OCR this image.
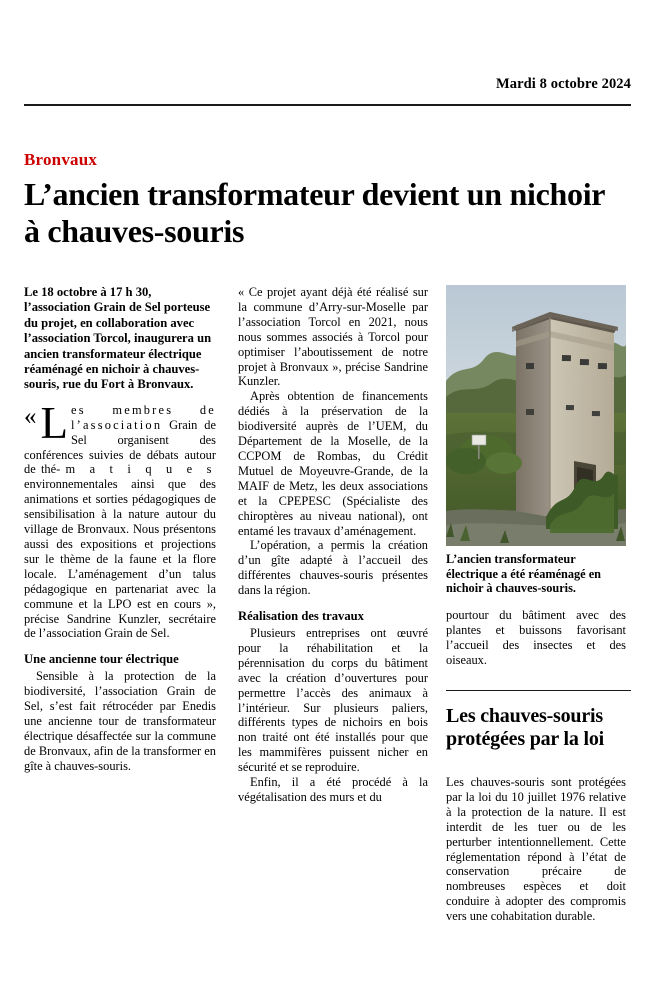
Mardi 8 octobre 2024
Bronvaux
L’ancien transformateur devient un nichoir à chauves-souris
Le 18 octobre à 17 h 30, l’association Grain de Sel porteuse du projet, en collaboration avec l’association Torcol, inaugurera un ancien transformateur électrique réaménagé en nichoir à chauves-souris, rue du Fort à Bronvaux.
« L es membres de l’association Grain de Sel organisent des conférences suivies de débats autour de thé- m a t i q u e s environnementales ainsi que des animations et sorties pédagogiques de sensibilisation à la nature autour du village de Bronvaux. Nous présentons aussi des expositions et projections sur le thème de la faune et la flore locale. L’aménagement d’un talus pédagogique en partenariat avec la commune et la LPO est en cours », précise Sandrine Kunzler, secrétaire de l’association Grain de Sel.
Une ancienne tour électrique

Sensible à la protection de la biodiversité, l’association Grain de Sel, s’est fait rétrocéder par Enedis une ancienne tour de transformateur électrique désaffectée sur la commune de Bronvaux, afin de la transformer en gîte à chauves-souris.

« Ce projet ayant déjà été réalisé sur la commune d’Arry-sur-Moselle par l’association Torcol en 2021, nous nous sommes associés à Torcol pour optimiser l’aboutissement de notre projet à Bronvaux », précise Sandrine Kunzler.

Après obtention de financements dédiés à la préservation de la biodiversité auprès de l’UEM, du Département de la Moselle, de la CCPOM de Rombas, du Crédit Mutuel de Moyeuvre-Grande, de la MAIF de Metz, les deux associations et la CPEPESC (Spécialiste des chiroptères au niveau national), ont entamé les travaux d’aménagement.

L’opération, a permis la création d’un gîte adapté à l’accueil des différentes chauves-souris présentes dans la région.

Réalisation des travaux

Plusieurs entreprises ont œuvré pour la réhabilitation et la pérennisation du corps du bâtiment avec la création d’ouvertures pour permettre l’accès des animaux à l’intérieur. Sur plusieurs paliers, différents types de nichoirs en bois non traité ont été installés pour que les mammifères puissent nicher en sécurité et se reproduire.

Enfin, il a été procédé à la végétalisation des murs et du

L’ancien transformateur électrique a été réaménagé en nichoir à chauves-souris.

pourtour du bâtiment avec des plantes et buissons favorisant l’accueil des insectes et des oiseaux.

Les chauves-souris protégées par la loi

Les chauves-souris sont protégées par la loi du 10 juillet 1976 relative à la protection de la nature. Il est interdit de les tuer ou de les perturber intentionnellement. Cette réglementation répond à l’état de conservation précaire de nombreuses espèces et doit conduire à adopter des compromis vers une cohabitation durable.
